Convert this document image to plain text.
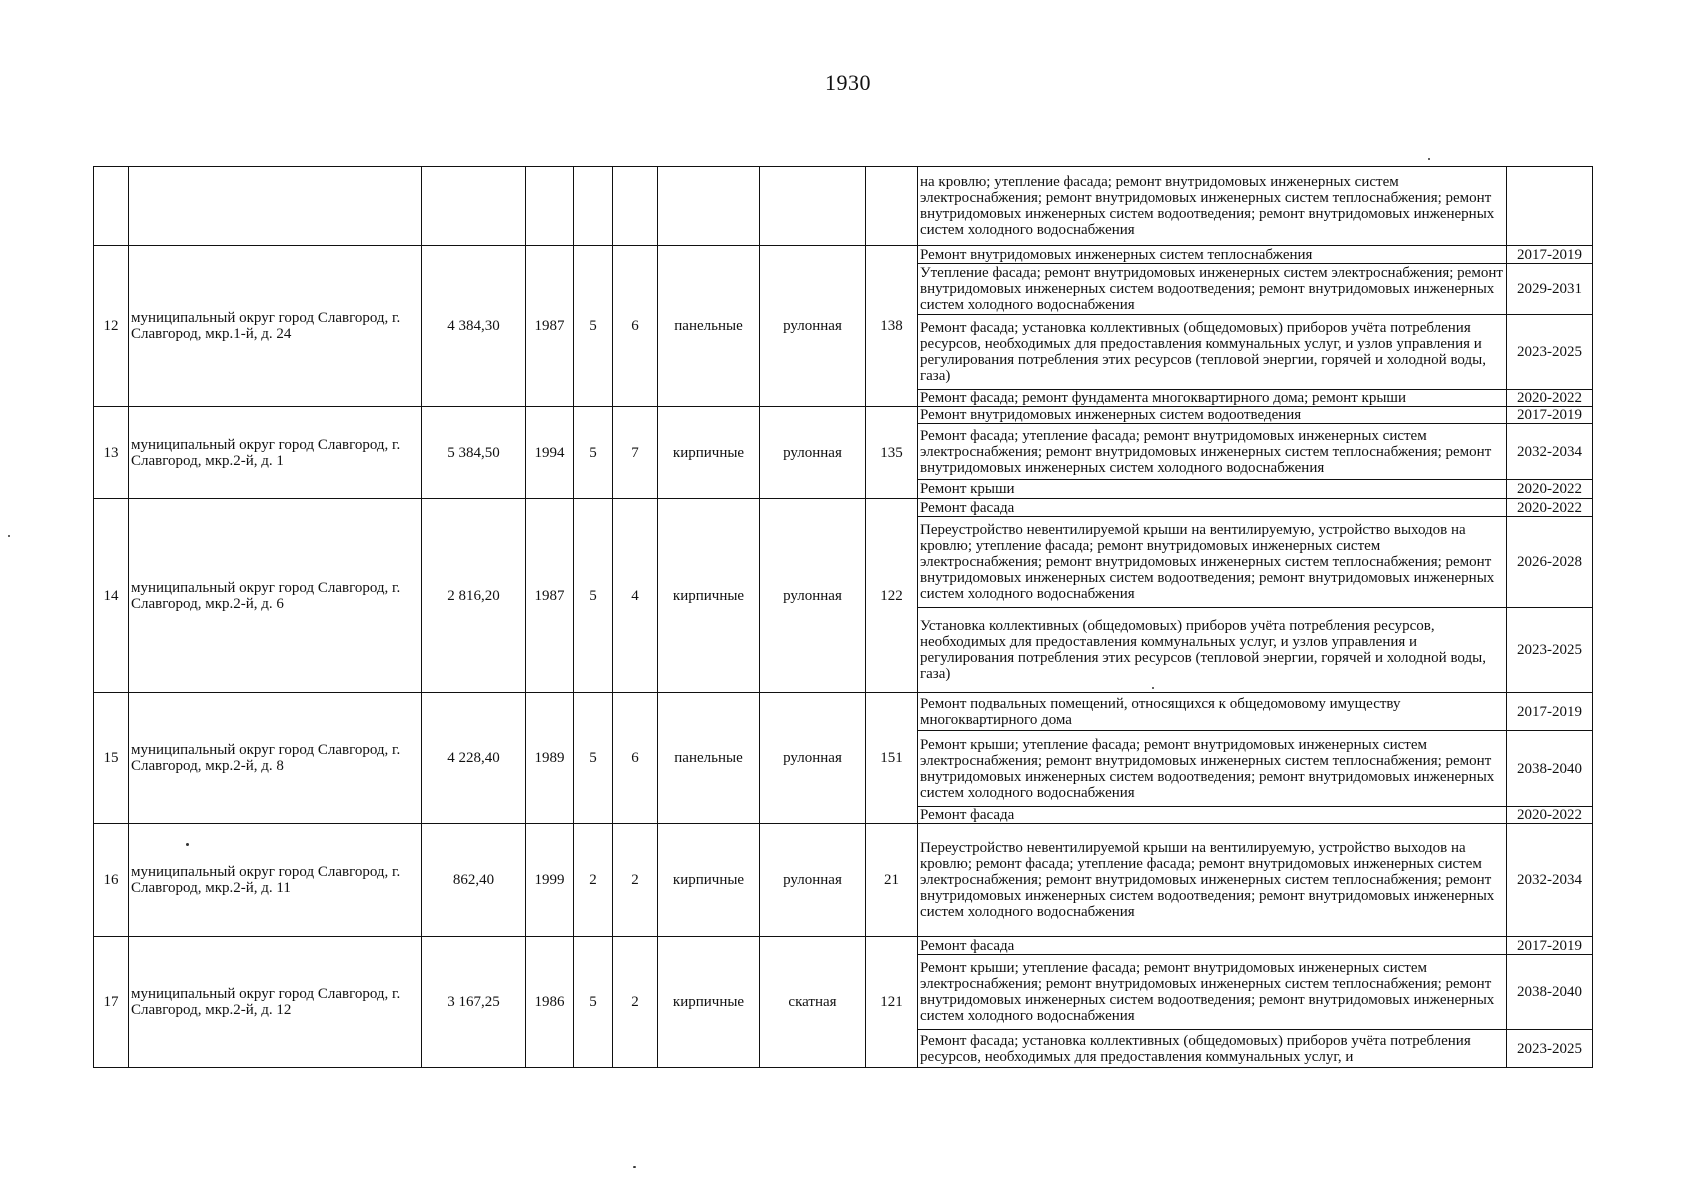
1930
									на кровлю; утепление фасада; ремонт внутридомовых инженерных систем электроснабжения; ремонт внутридомовых инженерных систем теплоснабжения; ремонт внутридомовых инженерных систем водоотведения; ремонт внутридомовых инженерных систем холодного водоснабжения	
12	муниципальный округ город Славгород, г. Славгород, мкр.1-й, д. 24	4 384,30	1987	5	6	панельные	рулонная	138	Ремонт внутридомовых инженерных систем теплоснабжения	2017-2019
									Утепление фасада; ремонт внутридомовых инженерных систем электроснабжения; ремонт внутридомовых инженерных систем водоотведения; ремонт внутридомовых инженерных систем холодного водоснабжения	2029-2031
									Ремонт фасада; установка коллективных (общедомовых) приборов учёта потребления ресурсов, необходимых для предоставления коммунальных услуг, и узлов управления и регулирования потребления этих ресурсов (тепловой энергии, горячей и холодной воды, газа)	2023-2025
									Ремонт фасада; ремонт фундамента многоквартирного дома; ремонт крыши	2020-2022
13	муниципальный округ город Славгород, г. Славгород, мкр.2-й, д. 1	5 384,50	1994	5	7	кирпичные	рулонная	135	Ремонт внутридомовых инженерных систем водоотведения	2017-2019
									Ремонт фасада; утепление фасада; ремонт внутридомовых инженерных систем электроснабжения; ремонт внутридомовых инженерных систем теплоснабжения; ремонт внутридомовых инженерных систем холодного водоснабжения	2032-2034
									Ремонт крыши	2020-2022
14	муниципальный округ город Славгород, г. Славгород, мкр.2-й, д. 6	2 816,20	1987	5	4	кирпичные	рулонная	122	Ремонт фасада	2020-2022
									Переустройство невентилируемой крыши на вентилируемую, устройство выходов на кровлю; утепление фасада; ремонт внутридомовых инженерных систем электроснабжения; ремонт внутридомовых инженерных систем теплоснабжения; ремонт внутридомовых инженерных систем водоотведения; ремонт внутридомовых инженерных систем холодного водоснабжения	2026-2028
									Установка коллективных (общедомовых) приборов учёта потребления ресурсов, необходимых для предоставления коммунальных услуг, и узлов управления и регулирования потребления этих ресурсов (тепловой энергии, горячей и холодной воды, газа)	2023-2025
15	муниципальный округ город Славгород, г. Славгород, мкр.2-й, д. 8	4 228,40	1989	5	6	панельные	рулонная	151	Ремонт подвальных помещений, относящихся к общедомовому имуществу многоквартирного дома	2017-2019
									Ремонт крыши; утепление фасада; ремонт внутридомовых инженерных систем электроснабжения; ремонт внутридомовых инженерных систем теплоснабжения; ремонт внутридомовых инженерных систем водоотведения; ремонт внутридомовых инженерных систем холодного водоснабжения	2038-2040
									Ремонт фасада	2020-2022
16	муниципальный округ город Славгород, г. Славгород, мкр.2-й, д. 11	862,40	1999	2	2	кирпичные	рулонная	21	Переустройство невентилируемой крыши на вентилируемую, устройство выходов на кровлю; ремонт фасада; утепление фасада; ремонт внутридомовых инженерных систем электроснабжения; ремонт внутридомовых инженерных систем теплоснабжения; ремонт внутридомовых инженерных систем водоотведения; ремонт внутридомовых инженерных систем холодного водоснабжения	2032-2034
17	муниципальный округ город Славгород, г. Славгород, мкр.2-й, д. 12	3 167,25	1986	5	2	кирпичные	скатная	121	Ремонт фасада	2017-2019
									Ремонт крыши; утепление фасада; ремонт внутридомовых инженерных систем электроснабжения; ремонт внутридомовых инженерных систем теплоснабжения; ремонт внутридомовых инженерных систем водоотведения; ремонт внутридомовых инженерных систем холодного водоснабжения	2038-2040
									Ремонт фасада; установка коллективных (общедомовых) приборов учёта потребления ресурсов, необходимых для предоставления коммунальных услуг, и	2023-2025
